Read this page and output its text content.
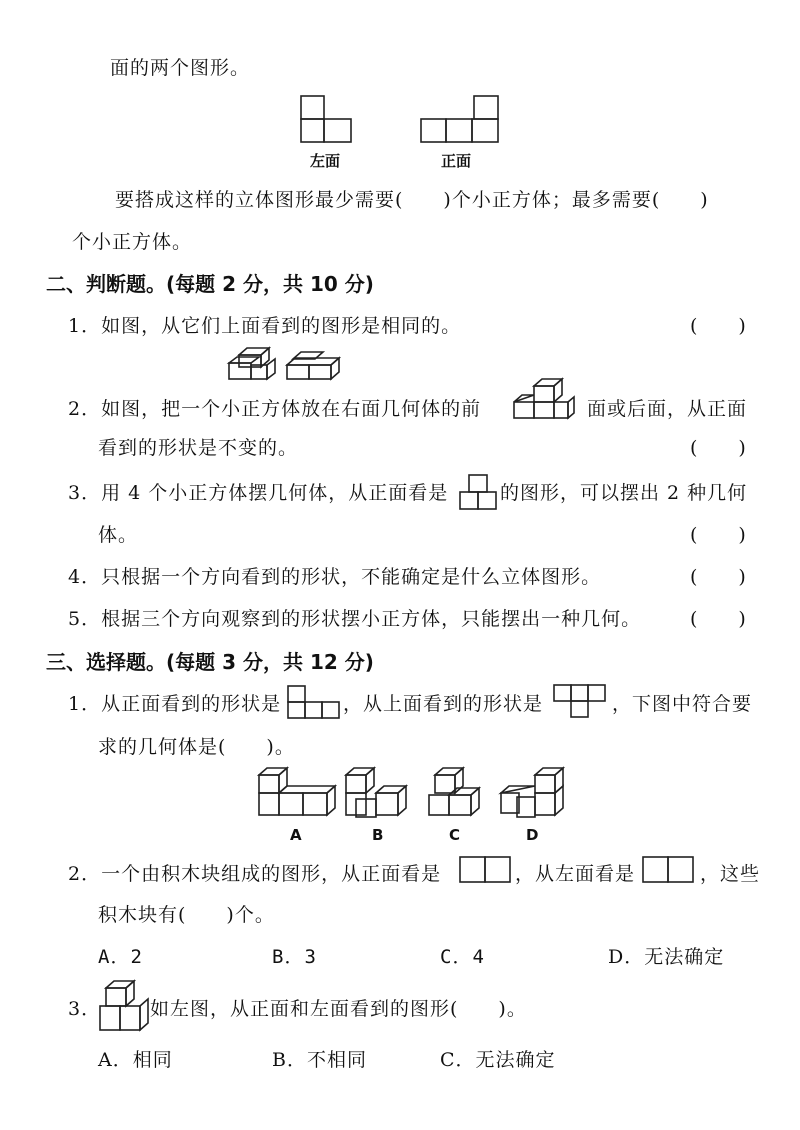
面的两个图形。
左面	正面
要搭成这样的立体图形最少需要(　　)个小正方体；最多需要(　　)
个小正方体。
二、判断题。(每题 2 分，共 10 分)
1．如图，从它们上面看到的图形是相同的。	(　　)
2．如图，把一个小正方体放在右面几何体的前	面或后面，从正面
看到的形状是不变的。	(　　)
3．用 4 个小正方体摆几何体，从正面看是	的图形，可以摆出 2 种几何
体。	(　　)
4．只根据一个方向看到的形状，不能确定是什么立体图形。	(　　)
5．根据三个方向观察到的形状摆小正方体，只能摆出一种几何。	(　　)
三、选择题。(每题 3 分，共 12 分)
1．从正面看到的形状是	，从上面看到的形状是	，下图中符合要
求的几何体是(　　)。
A	B	C	D
2．一个由积木块组成的图形，从正面看是	，从左面看是	，这些
积木块有(　　)个。
A．2	B．3	C．4	D．无法确定
3．	如左图，从正面和左面看到的图形(　　)。
A．相同	B．不相同	C．无法确定
